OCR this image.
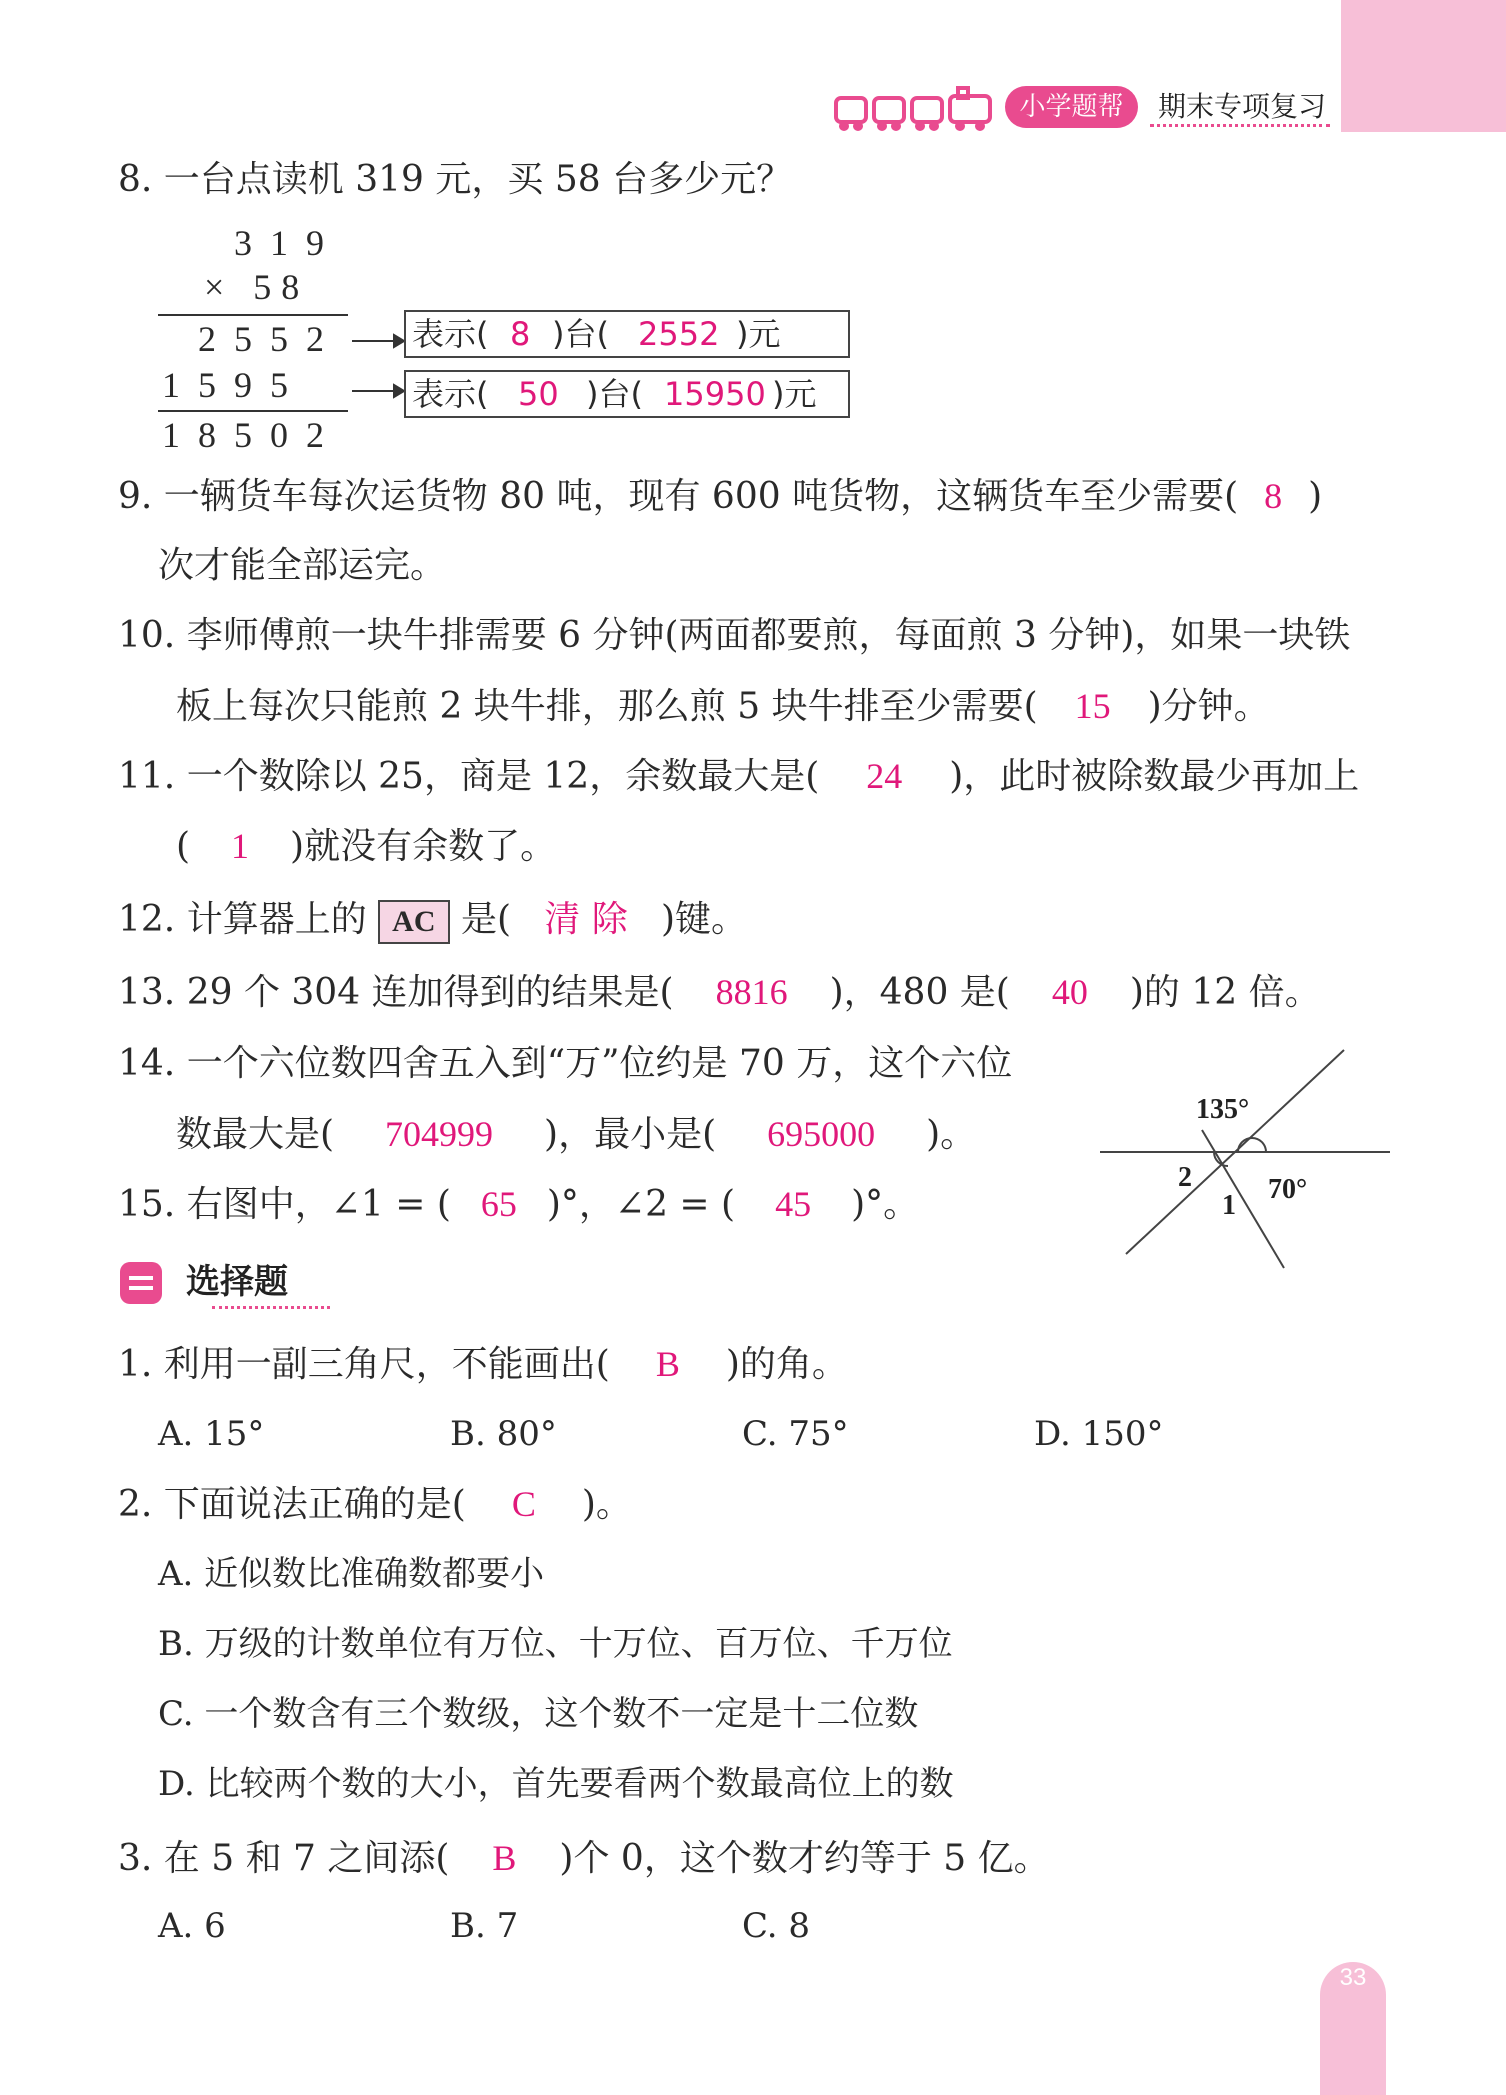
小学题帮	期末专项复习
8. 一台点读机 319 元，买 58 台多少元？
319
× 58
2552
1595
18502
表示( 8 )台( 2552 )元
表示( 50 )台( 15950 )元
9. 一辆货车每次运货物 80 吨，现有 600 吨货物，这辆货车至少需要( 8 )
次才能全部运完。
10. 李师傅煎一块牛排需要 6 分钟(两面都要煎，每面煎 3 分钟)，如果一块铁
板上每次只能煎 2 块牛排，那么煎 5 块牛排至少需要( 15 )分钟。
11. 一个数除以 25，商是 12，余数最大是( 24 )，此时被除数最少再加上
( 1 )就没有余数了。
12. 计算器上的 AC 是( 清 除 )键。
13. 29 个 304 连加得到的结果是( 8816 )，480 是( 40 )的 12 倍。
14. 一个六位数四舍五入到“万”位约是 70 万，这个六位
数最大是( 704999 )，最小是( 695000 )。
15. 右图中，∠1 = ( 65 )°，∠2 = ( 45 )°。
135°
70°
2
1
选择题
1. 利用一副三角尺，不能画出( B )的角。
A. 15°	B. 80°	C. 75°	D. 150°
2. 下面说法正确的是( C )。
A. 近似数比准确数都要小
B. 万级的计数单位有万位、十万位、百万位、千万位
C. 一个数含有三个数级，这个数不一定是十二位数
D. 比较两个数的大小，首先要看两个数最高位上的数
3. 在 5 和 7 之间添( B )个 0，这个数才约等于 5 亿。
A. 6	B. 7	C. 8
33
